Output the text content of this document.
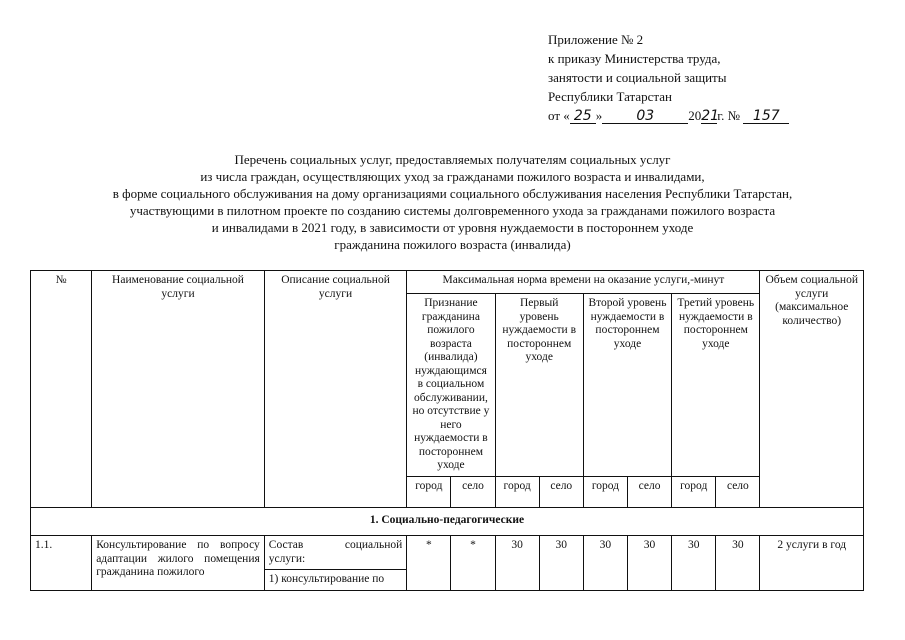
Приложение № 2
к приказу Министерства труда,
занятости и социальной защиты
Республики Татарстан
от « 25 » 03	2021г. № 157
Перечень социальных услуг, предоставляемых получателям социальных услуг
из числа граждан, осуществляющих уход за гражданами пожилого возраста и инвалидами,
в форме социального обслуживания на дому организациями социального обслуживания населения Республики Татарстан,
участвующими в пилотном проекте по созданию системы долговременного ухода за гражданами пожилого возраста
и инвалидами в 2021 году, в зависимости от уровня нуждаемости в постороннем уходе
гражданина пожилого возраста (инвалида)
№	Наименование социальной услуги	Описание социальной услуги	Максимальная норма времени на оказание услуги,-минут								Объем социальной услуги (максимальное количество)
			Признание гражданина пожилого возраста (инвалида) нуждающимся в социальном обслуживании, но отсутствие у него нуждаемости в постороннем уходе		Первый уровень нуждаемости в постороннем уходе		Второй уровень нуждаемости в постороннем уходе		Третий уровень нуждаемости в постороннем уходе		
			город	село	город	село	город	село	город	село	
1. Социально-педагогические											
1.1.	Консультирование по вопросу адаптации жилого помещения гражданина пожилого	Состав социальной услуги:	*	*	30	30	30	30	30	30	2 услуги в год
		1) консультирование по									
